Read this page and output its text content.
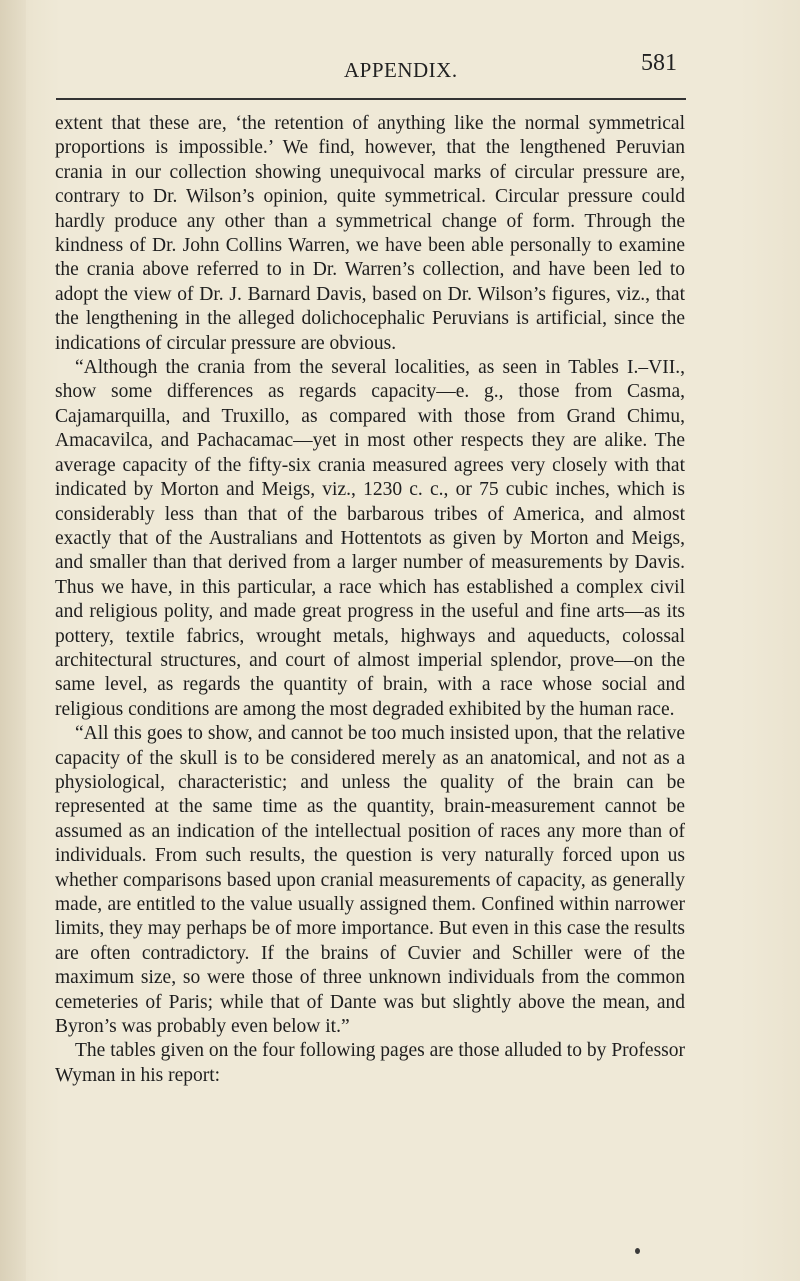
APPENDIX.	581

extent that these are, ‘the retention of anything like the normal symmetrical proportions is impossible.’ We find, however, that the lengthened Peruvian crania in our collection showing unequivocal marks of circular pressure are, contrary to Dr. Wilson’s opinion, quite symmetrical. Circular pressure could hardly produce any other than a symmetrical change of form. Through the kindness of Dr. John Collins Warren, we have been able personally to examine the crania above referred to in Dr. Warren’s collection, and have been led to adopt the view of Dr. J. Barnard Davis, based on Dr. Wilson’s figures, viz., that the lengthening in the alleged dolichocephalic Peruvians is artificial, since the indications of circular pressure are obvious.

“Although the crania from the several localities, as seen in Tables I.–VII., show some differences as regards capacity—e. g., those from Casma, Cajamarquilla, and Truxillo, as compared with those from Grand Chimu, Amacavilca, and Pachacamac—yet in most other respects they are alike. The average capacity of the fifty-six crania measured agrees very closely with that indicated by Morton and Meigs, viz., 1230 c. c., or 75 cubic inches, which is considerably less than that of the barbarous tribes of America, and almost exactly that of the Australians and Hottentots as given by Morton and Meigs, and smaller than that derived from a larger number of measurements by Davis. Thus we have, in this particular, a race which has established a complex civil and religious polity, and made great progress in the useful and fine arts—as its pottery, textile fabrics, wrought metals, highways and aqueducts, colossal architectural structures, and court of almost imperial splendor, prove—on the same level, as regards the quantity of brain, with a race whose social and religious conditions are among the most degraded exhibited by the human race.

“All this goes to show, and cannot be too much insisted upon, that the relative capacity of the skull is to be considered merely as an anatomical, and not as a physiological, characteristic; and unless the quality of the brain can be represented at the same time as the quantity, brain-measurement cannot be assumed as an indication of the intellectual position of races any more than of individuals. From such results, the question is very naturally forced upon us whether comparisons based upon cranial measurements of capacity, as generally made, are entitled to the value usually assigned them. Confined within narrower limits, they may perhaps be of more importance. But even in this case the results are often contradictory. If the brains of Cuvier and Schiller were of the maximum size, so were those of three unknown individuals from the common cemeteries of Paris; while that of Dante was but slightly above the mean, and Byron’s was probably even below it.”

The tables given on the four following pages are those alluded to by Professor Wyman in his report:
